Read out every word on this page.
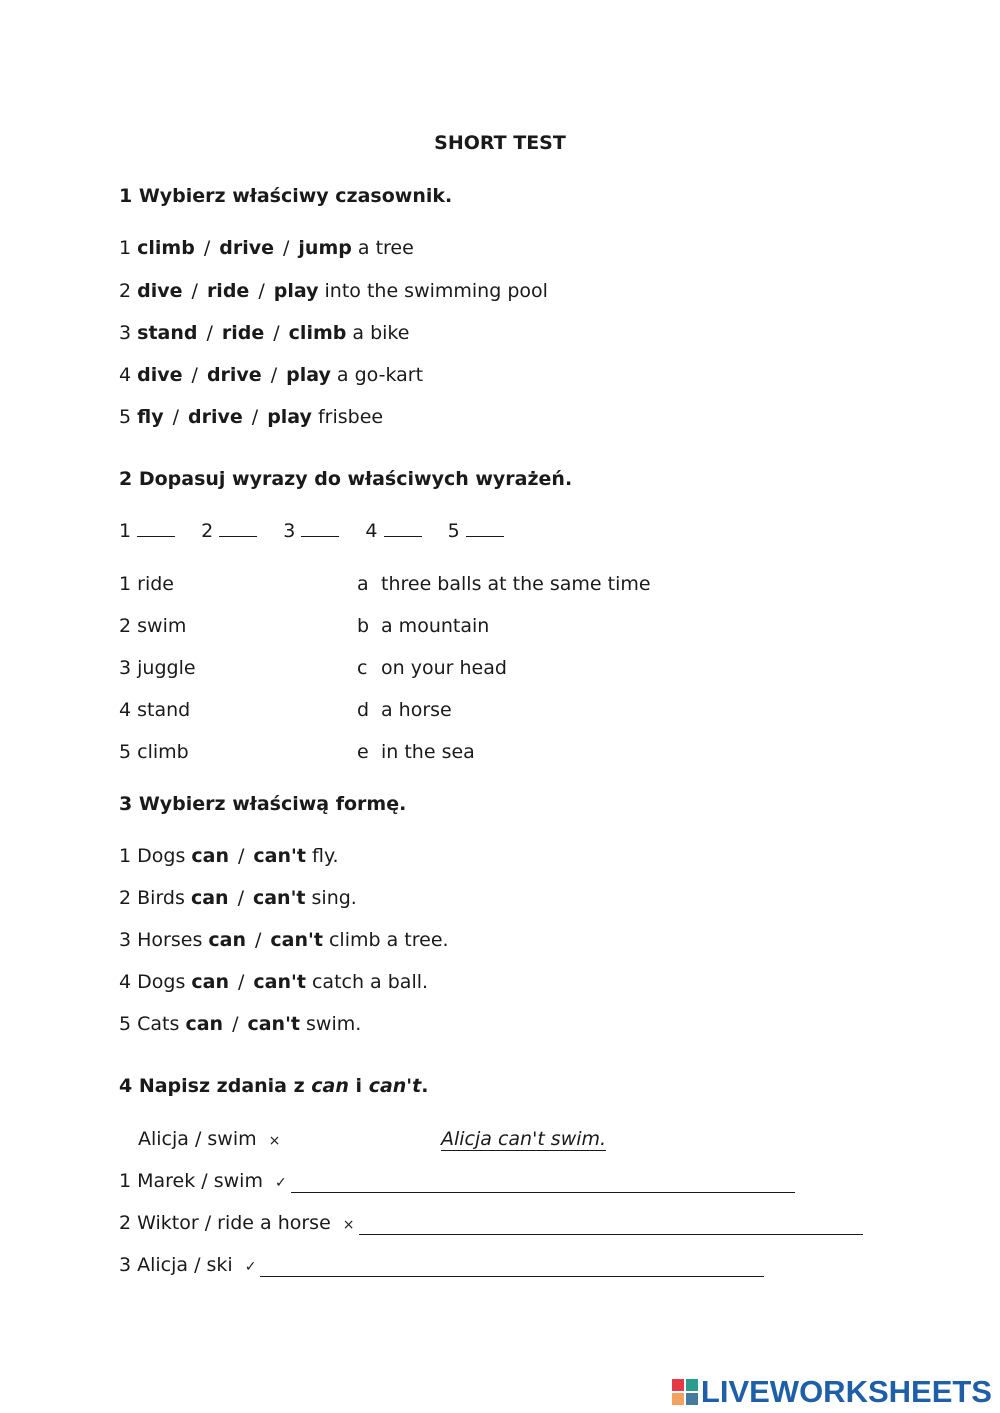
SHORT TEST
1 Wybierz właściwy czasownik.
1 climb / drive / jump a tree
2 dive / ride / play into the swimming pool
3 stand / ride / climb a bike
4 dive / drive / play a go-kart
5 fly / drive / play frisbee
2 Dopasuj wyrazy do właściwych wyrażeń.
1	2	3	4	5
1 ride	a three balls at the same time
2 swim	b a mountain
3 juggle	c on your head
4 stand	d a horse
5 climb	e in the sea
3 Wybierz właściwą formę.
1 Dogs can / can't fly.
2 Birds can / can't sing.
3 Horses can / can't climb a tree.
4 Dogs can / can't catch a ball.
5 Cats can / can't swim.
4 Napisz zdania z can i can't.
Alicja / swim ×	Alicja can't swim.
1 Marek / swim ✓
2 Wiktor / ride a horse ×
3 Alicja / ski ✓
LIVEWORKSHEETS
